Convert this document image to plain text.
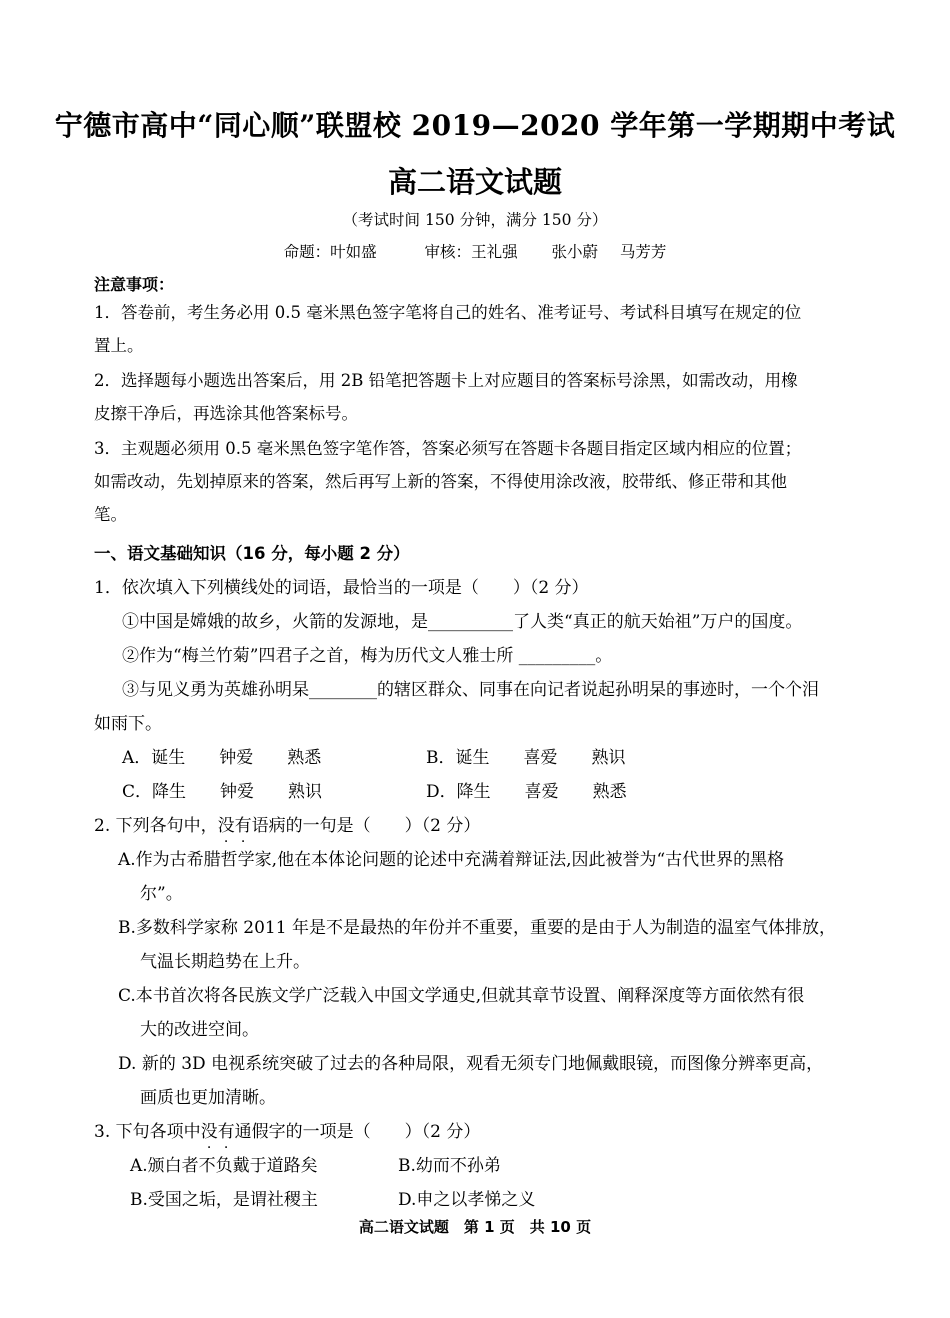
宁德市高中“同心顺”联盟校 2019—2020 学年第一学期期中考试
高二语文试题
（考试时间 150 分钟，满分 150 分）
命题：叶如盛	审核：王礼强 张小蔚 马芳芳
注意事项：
1．答卷前，考生务必用 0.5 毫米黑色签字笔将自己的姓名、准考证号、考试科目填写在规定的位
置上。
2．选择题每小题选出答案后，用 2B 铅笔把答题卡上对应题目的答案标号涂黑，如需改动，用橡
皮擦干净后，再选涂其他答案标号。
3．主观题必须用 0.5 毫米黑色签字笔作答，答案必须写在答题卡各题目指定区域内相应的位置；
如需改动，先划掉原来的答案，然后再写上新的答案，不得使用涂改液，胶带纸、修正带和其他
笔。
一、语文基础知识（16 分，每小题 2 分）
1．依次填入下列横线处的词语，最恰当的一项是（　　）（2 分）
①中国是嫦娥的故乡，火箭的发源地，是__________了人类“真正的航天始祖”万户的国度。
②作为“梅兰竹菊”四君子之首，梅为历代文人雅士所 _________。
③与见义勇为英雄孙明杲________的辖区群众、同事在向记者说起孙明杲的事迹时，一个个泪
如雨下。
A．诞生　　钟爱　　熟悉	B．诞生　　喜爱　　熟识
C．降生　　钟爱　　熟识	D．降生　　喜爱　　熟悉
2. 下列各句中，没有语病的一句是（　　）（2 分）
A.作为古希腊哲学家,他在本体论问题的论述中充满着辩证法,因此被誉为“古代世界的黑格
尔”。
B.多数科学家称 2011 年是不是最热的年份并不重要，重要的是由于人为制造的温室气体排放，
气温长期趋势在上升。
C.本书首次将各民族文学广泛载入中国文学通史,但就其章节设置、阐释深度等方面依然有很
大的改进空间。
D. 新的 3D 电视系统突破了过去的各种局限，观看无须专门地佩戴眼镜，而图像分辨率更高，
画质也更加清晰。
3. 下句各项中没有通假字的一项是（　　）（2 分）
A.颁白者不负戴于道路矣	B.幼而不孙弟
B.受国之垢，是谓社稷主	D.申之以孝悌之义
高二语文试题　第 1 页　共 10 页
